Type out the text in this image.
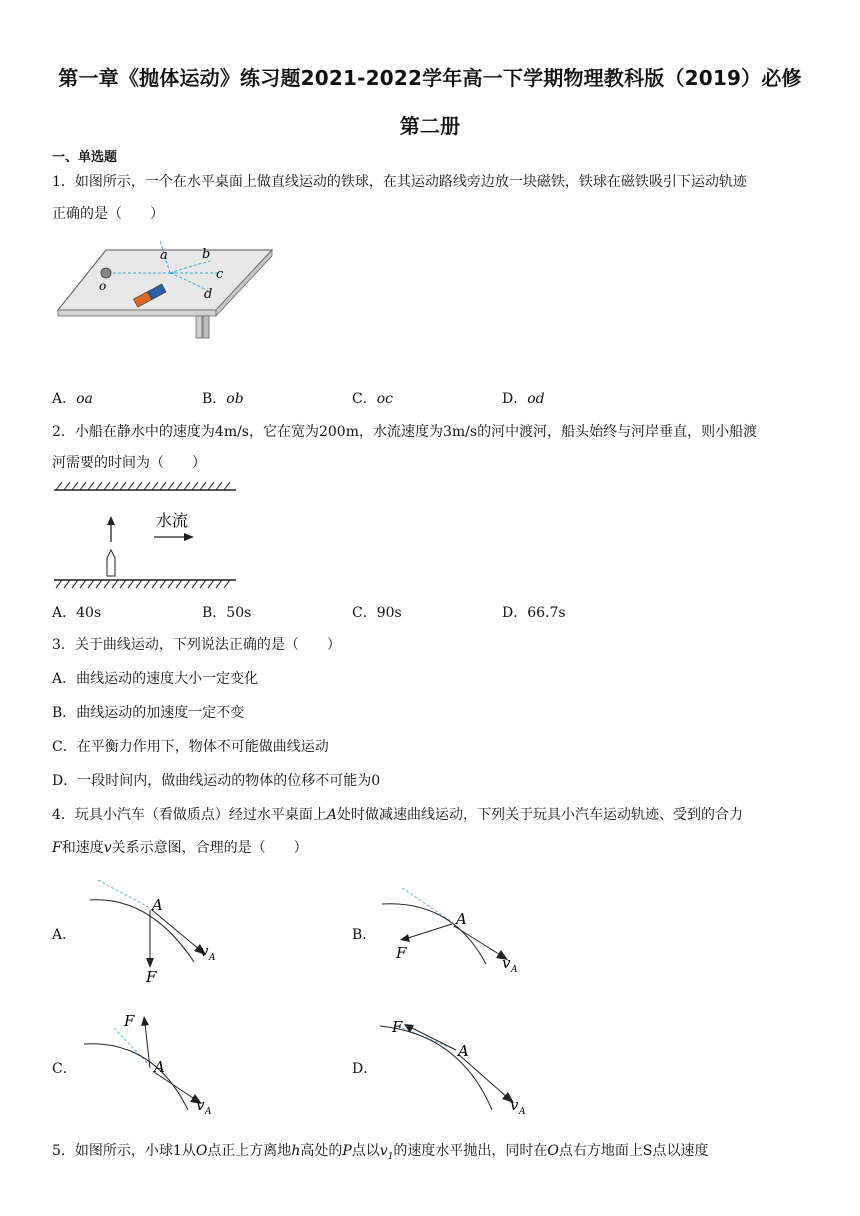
第一章《抛体运动》练习题2021-2022学年高一下学期物理教科版（2019）必修
第二册
一、单选题
1．如图所示，一个在水平桌面上做直线运动的铁球，在其运动路线旁边放一块磁铁，铁球在磁铁吸引下运动轨迹
正确的是（　　）
a	b
c
d
o
A．oa	B．ob	C．oc	D．od
2．小船在静水中的速度为4m/s，它在宽为200m，水流速度为3m/s的河中渡河，船头始终与河岸垂直，则小船渡
河需要的时间为（　　）
水流
A．40s	B．50s	C．90s	D．66.7s
3．关于曲线运动，下列说法正确的是（　　）
A．曲线运动的速度大小一定变化
B．曲线运动的加速度一定不变
C．在平衡力作用下，物体不可能做曲线运动
D．一段时间内，做曲线运动的物体的位移不可能为0
4．玩具小汽车（看做质点）经过水平桌面上A处时做减速曲线运动，下列关于玩具小汽车运动轨迹、受到的合力
F和速度v关系示意图，合理的是（　　）
A．	B．
C．	D．
A
F
v A
A
F
v A
A
F
v A
A
F
v A
5．如图所示，小球1从O点正上方离地h高处的P点以$v_1$的速度水平抛出，同时在O点右方地面上S点以速度
